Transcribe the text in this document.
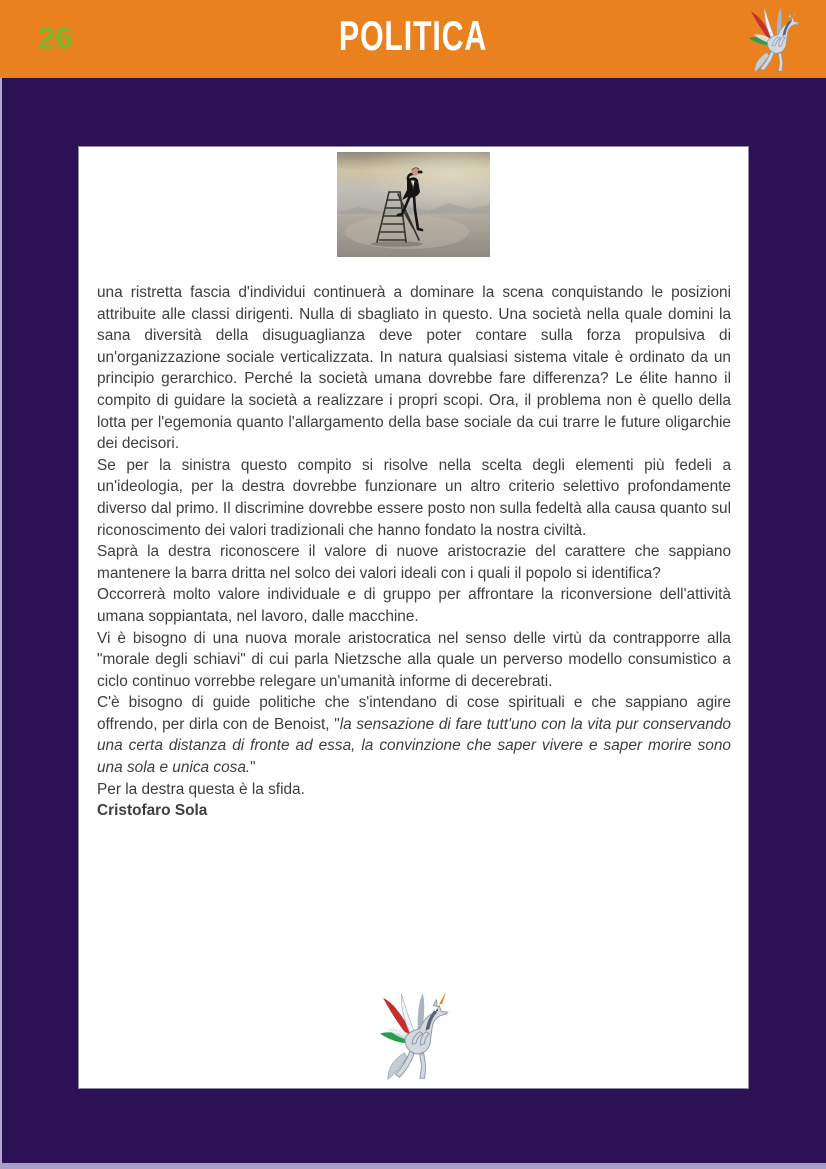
26	POLITICA

una ristretta fascia d'individui continuerà a dominare la scena conquistando le posizioni attribuite alle classi dirigenti. Nulla di sbagliato in questo. Una società nella quale domini la sana diversità della disuguaglianza deve poter contare sulla forza propulsiva di un'organizzazione sociale verticalizzata. In natura qualsiasi sistema vitale è ordinato da un principio gerarchico. Perché la società umana dovrebbe fare differenza? Le élite hanno il compito di guidare la società a realizzare i propri scopi. Ora, il problema non è quello della lotta per l'egemonia quanto l'allargamento della base sociale da cui trarre le future oligarchie dei decisori.

Se per la sinistra questo compito si risolve nella scelta degli elementi più fedeli a un'ideologia, per la destra dovrebbe funzionare un altro criterio selettivo profondamente diverso dal primo. Il discrimine dovrebbe essere posto non sulla fedeltà alla causa quanto sul riconoscimento dei valori tradizionali che hanno fondato la nostra civiltà.

Saprà la destra riconoscere il valore di nuove aristocrazie del carattere che sappiano mantenere la barra dritta nel solco dei valori ideali con i quali il popolo si identifica?

Occorrerà molto valore individuale e di gruppo per affrontare la riconversione dell'attività umana soppiantata, nel lavoro, dalle macchine.

Vi è bisogno di una nuova morale aristocratica nel senso delle virtù da contrapporre alla "morale degli schiavi" di cui parla Nietzsche alla quale un perverso modello consumistico a ciclo continuo vorrebbe relegare un'umanità informe di decerebrati.

C'è bisogno di guide politiche che s'intendano di cose spirituali e che sappiano agire offrendo, per dirla con de Benoist, "la sensazione di fare tutt'uno con la vita pur conservando una certa distanza di fronte ad essa, la convinzione che saper vivere e saper morire sono una sola e unica cosa."

Per la destra questa è la sfida.

Cristofaro Sola
